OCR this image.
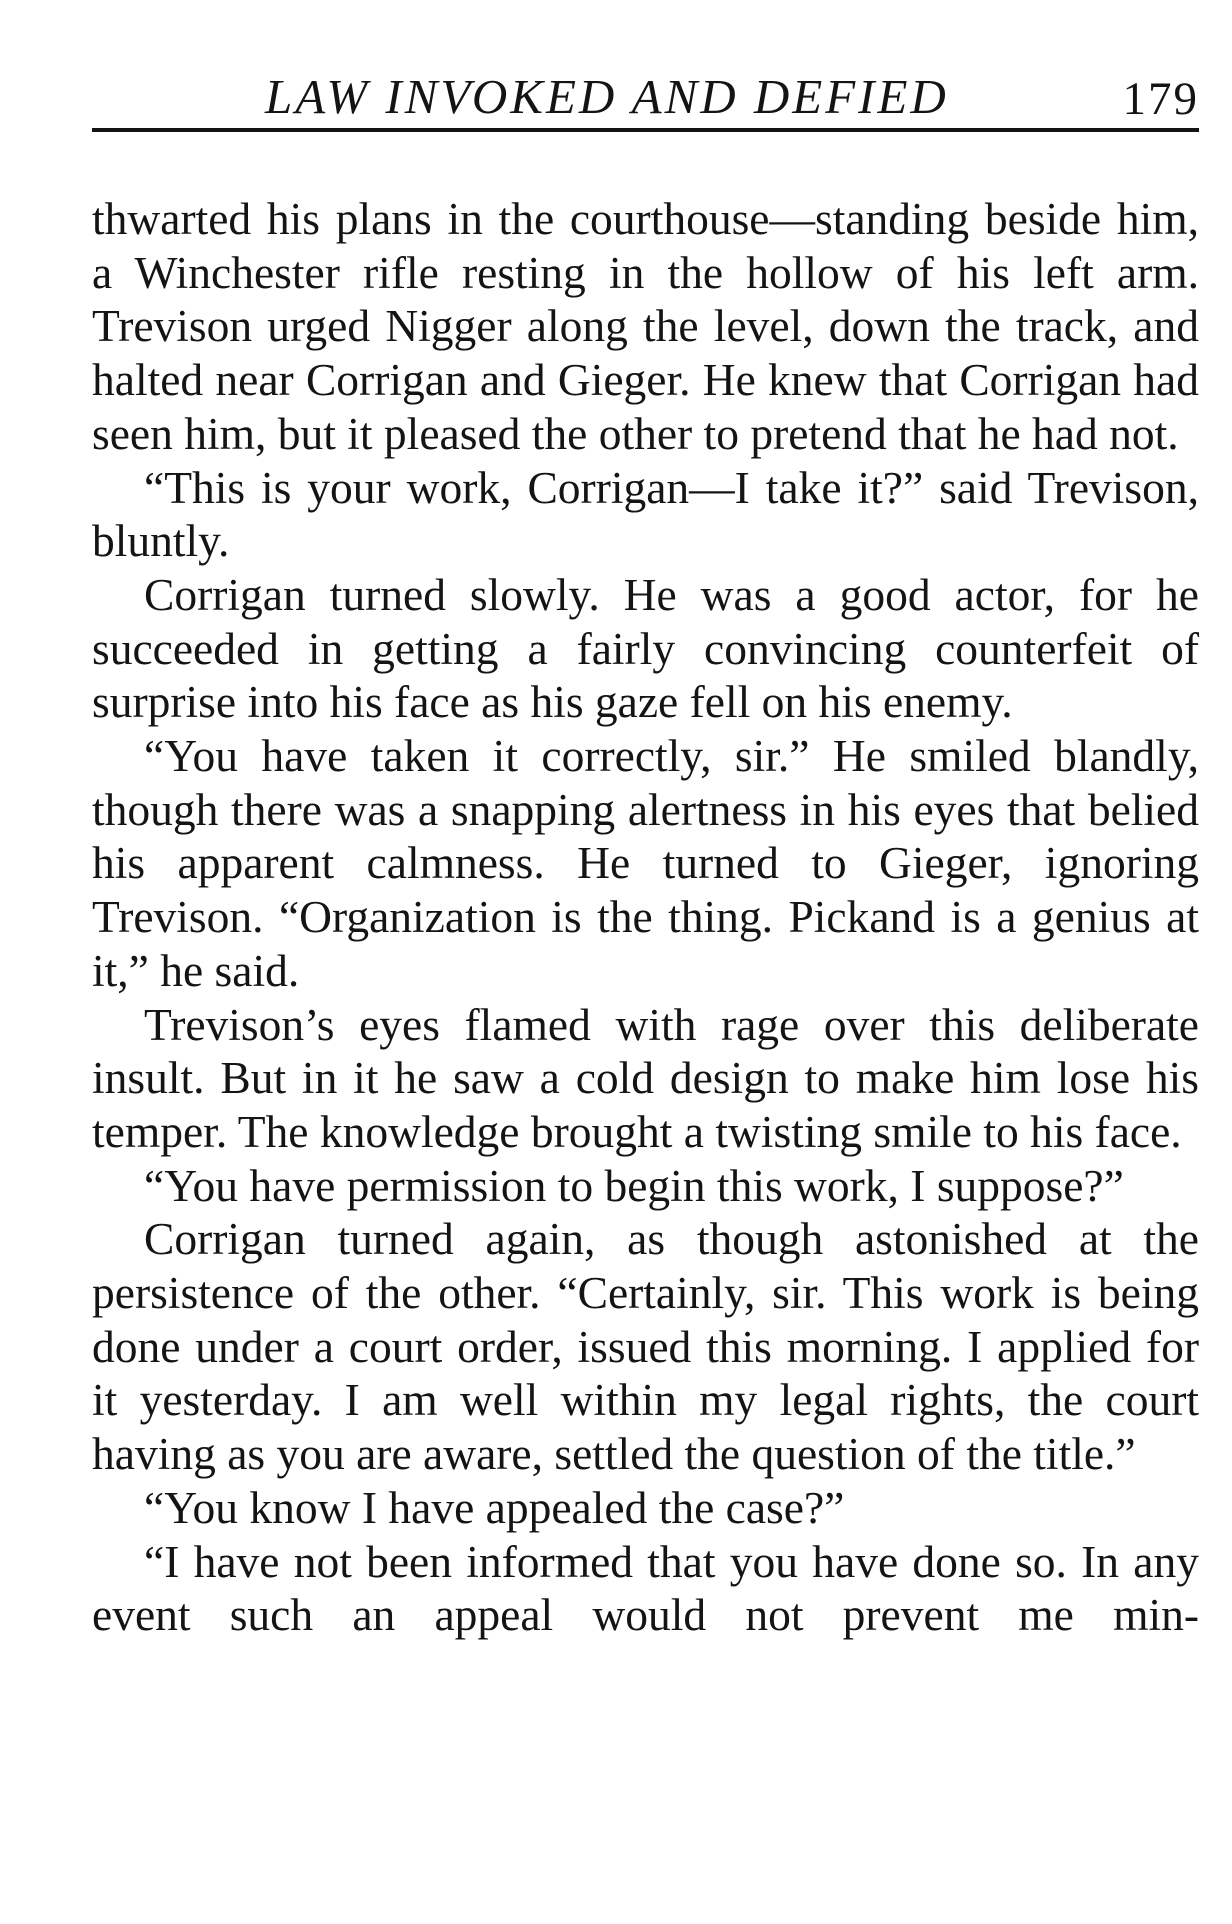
LAW INVOKED AND DEFIED	179

thwarted his plans in the courthouse—standing beside him, a Winchester rifle resting in the hollow of his left arm. Trevison urged Nigger along the level, down the track, and halted near Corrigan and Gieger. He knew that Corrigan had seen him, but it pleased the other to pretend that he had not.

“This is your work, Corrigan—I take it?” said Trevison, bluntly.

Corrigan turned slowly. He was a good actor, for he succeeded in getting a fairly convincing counterfeit of surprise into his face as his gaze fell on his enemy.

“You have taken it correctly, sir.” He smiled blandly, though there was a snapping alertness in his eyes that belied his apparent calmness. He turned to Gieger, ignoring Trevison. “Organization is the thing. Pickand is a genius at it,” he said.

Trevison’s eyes flamed with rage over this deliberate insult. But in it he saw a cold design to make him lose his temper. The knowledge brought a twisting smile to his face.

“You have permission to begin this work, I suppose?”

Corrigan turned again, as though astonished at the persistence of the other. “Certainly, sir. This work is being done under a court order, issued this morning. I applied for it yesterday. I am well within my legal rights, the court having as you are aware, settled the question of the title.”

“You know I have appealed the case?”

“I have not been informed that you have done so. In any event such an appeal would not prevent me min-
